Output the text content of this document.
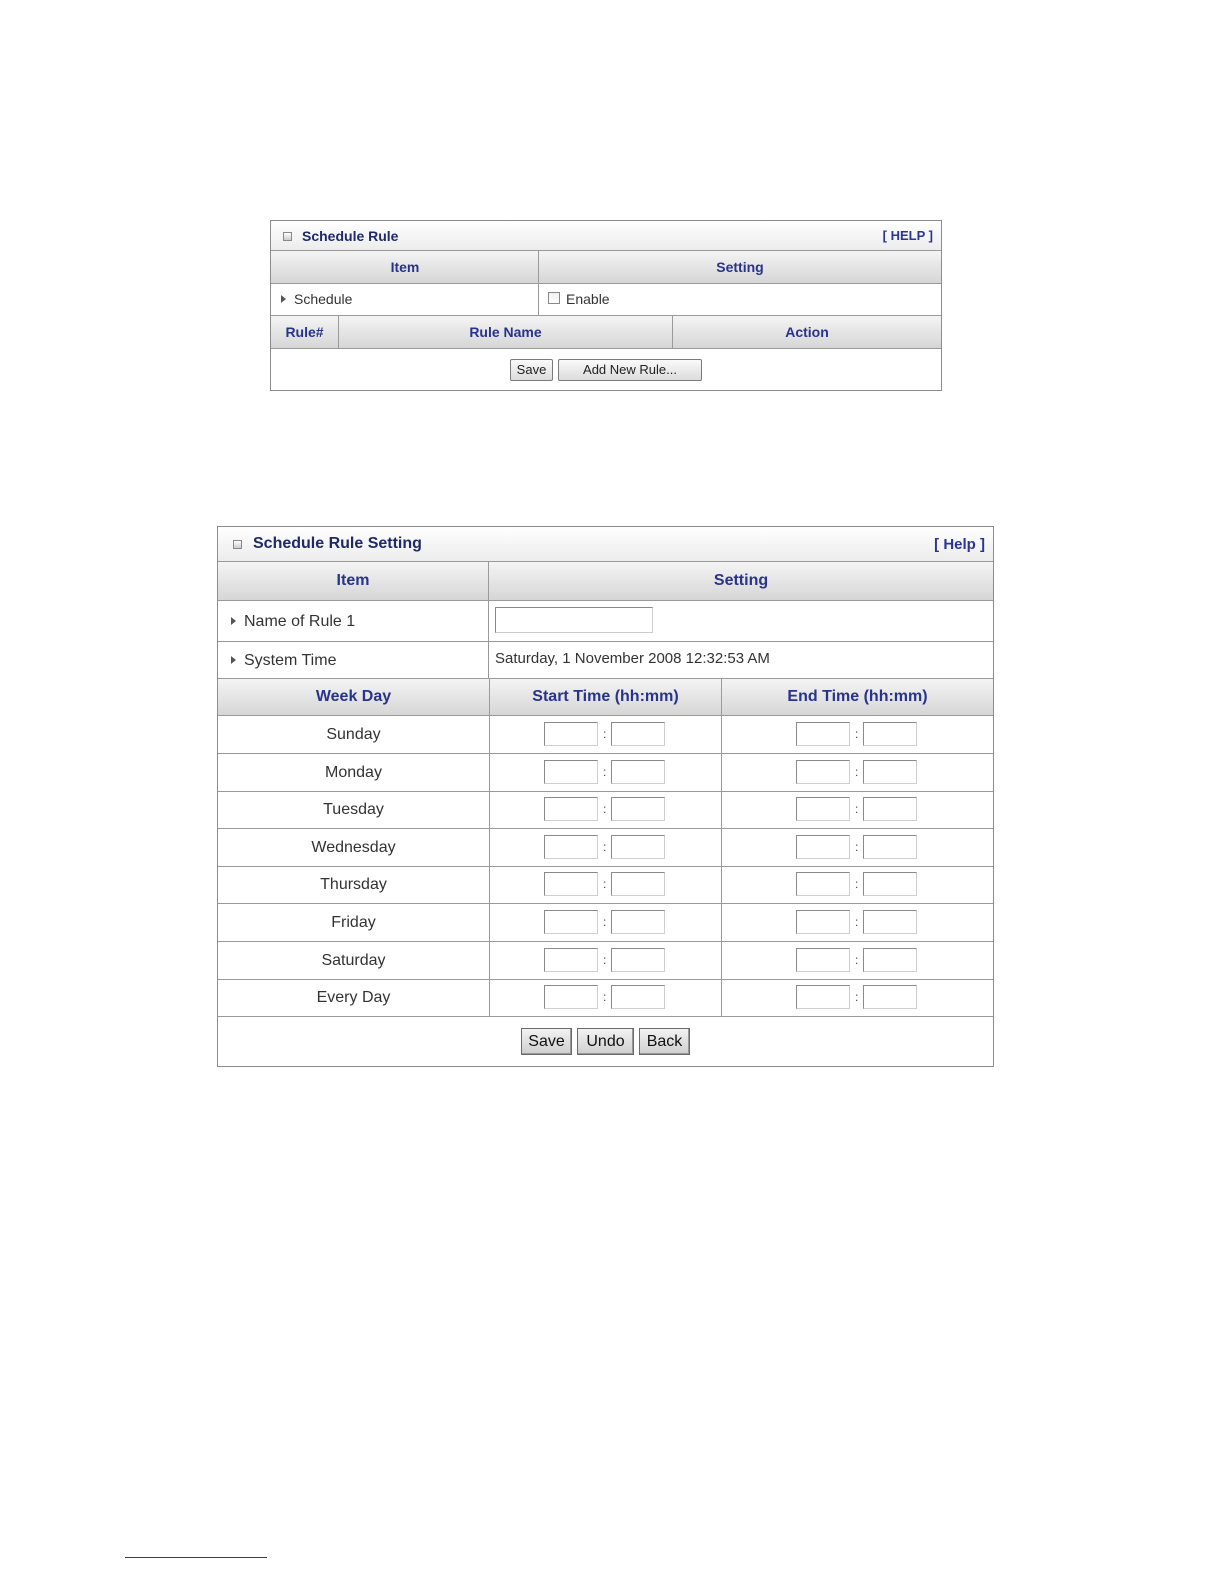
Schedule Rule	[ HELP ]
Item	Setting
Schedule	Enable
Rule#	Rule Name	Action
Save	Add New Rule...
Schedule Rule Setting	[ Help ]
Item	Setting
Name of Rule 1
System Time	Saturday, 1 November 2008 12:32:53 AM
Week Day	Start Time (hh:mm)	End Time (hh:mm)
Sunday	:	:
Monday	:	:
Tuesday	:	:
Wednesday	:	:
Thursday	:	:
Friday	:	:
Saturday	:	:
Every Day	:	:
Save	Undo	Back
